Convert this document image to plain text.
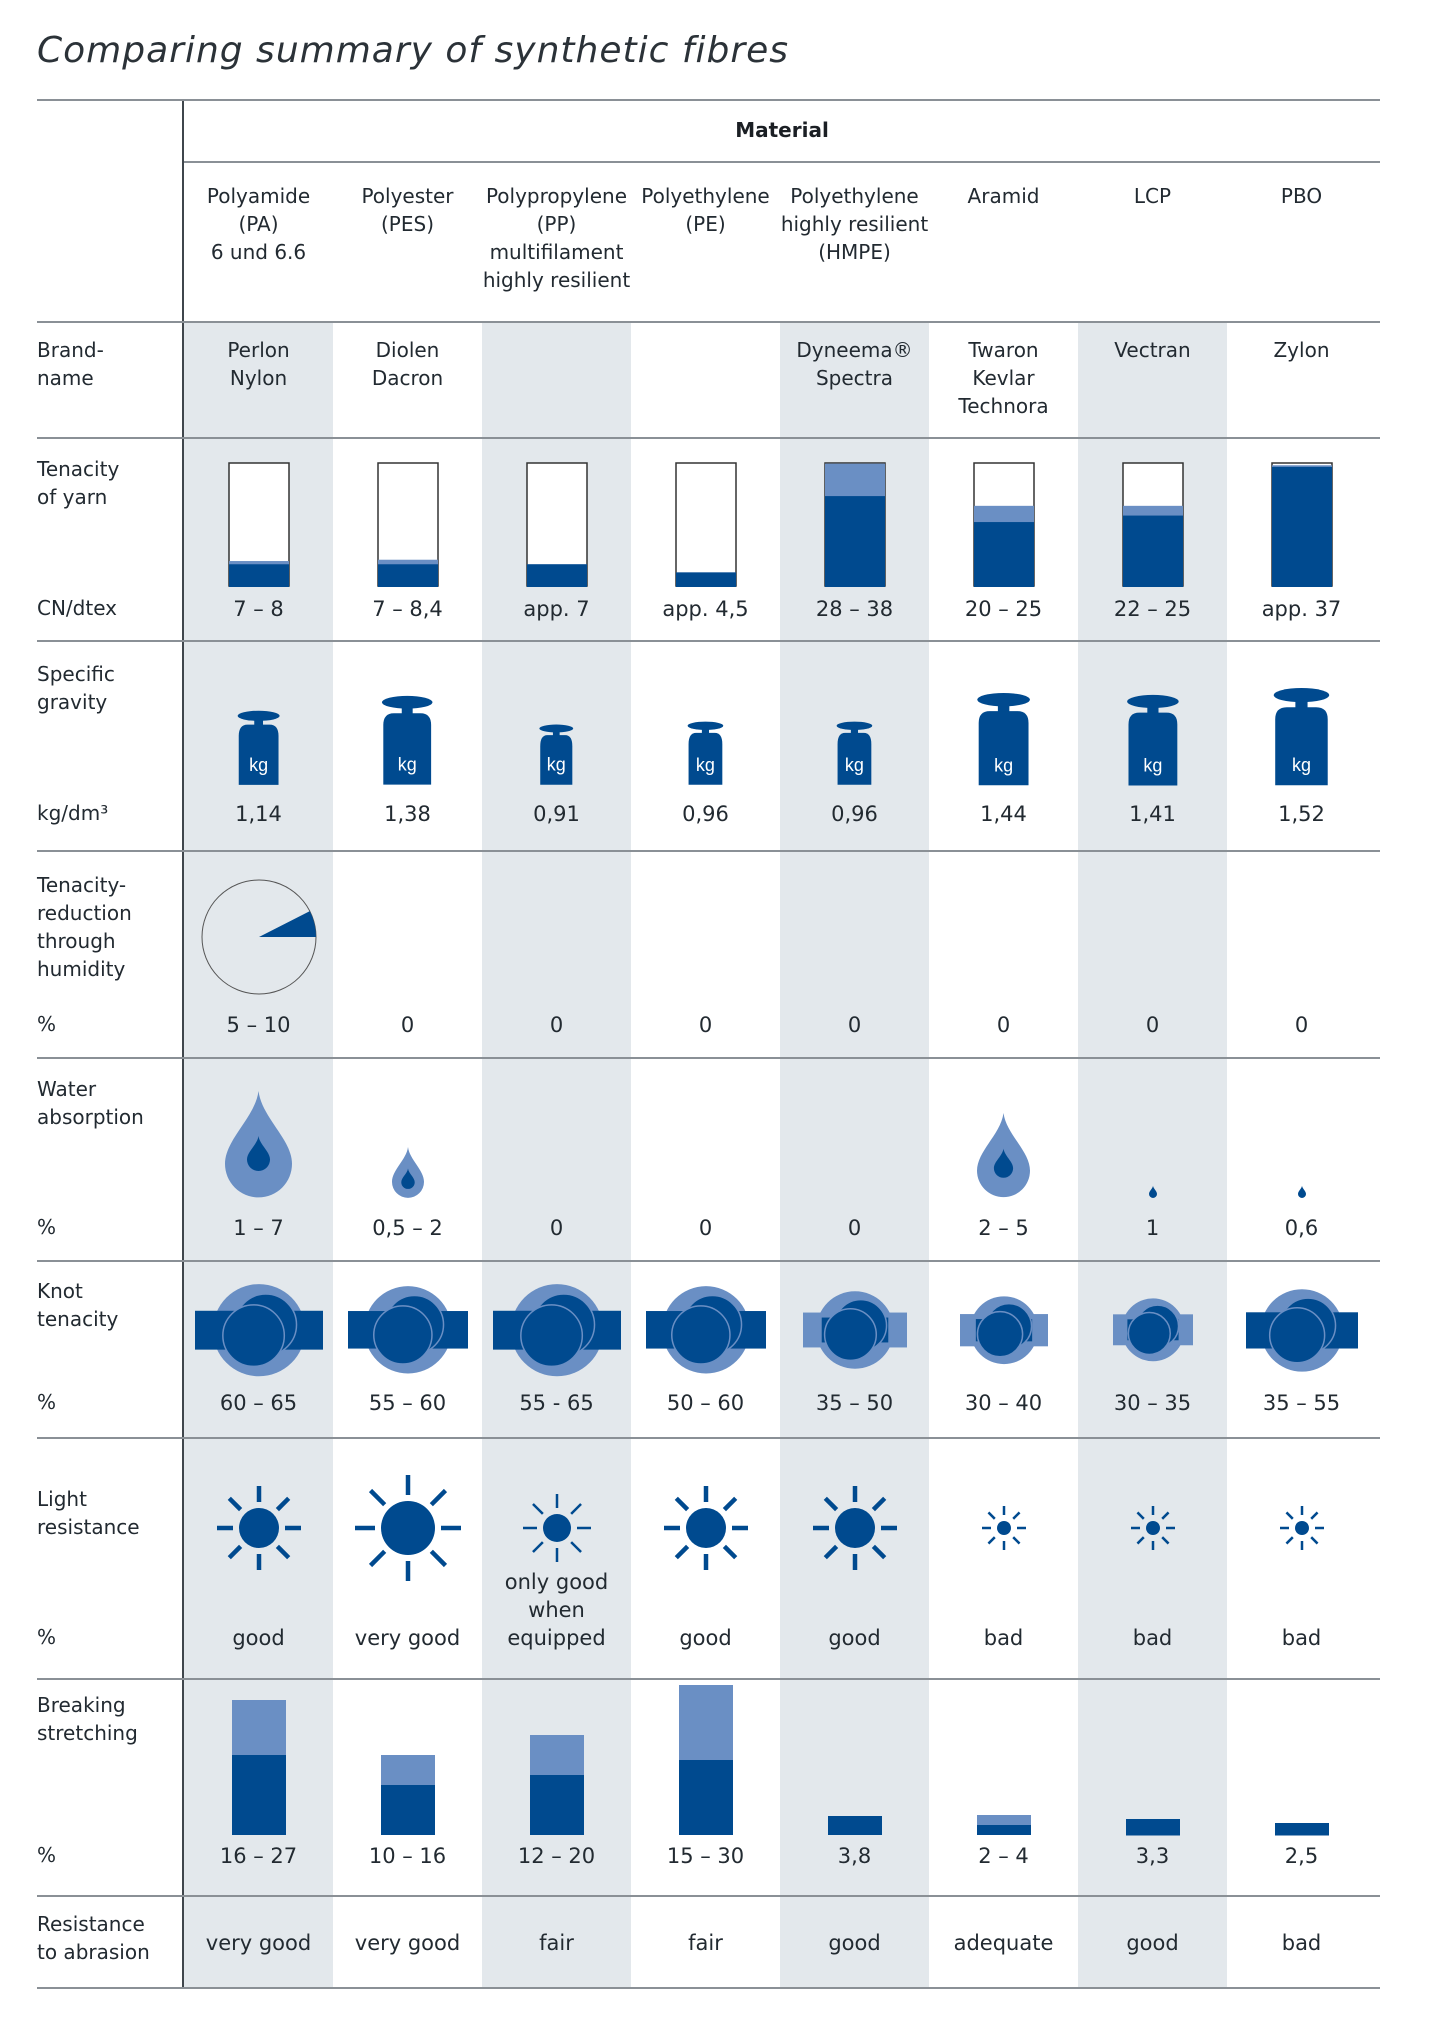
Comparing summary of synthetic fibres
Material
Brand-
name
Tenacity
of yarn
CN/dtex
Specific
gravity
kg/dm³
Tenacity-
reduction
through
humidity
%
Water
absorption
%
Knot
tenacity
%
Light
resistance
%
Breaking
stretching
%
Resistance
to abrasion
Polyamide
(PA)
6 und 6.6
Perlon
Nylon
7 – 8
kg
1,14
5 – 10
1 – 7
60 – 65
good
16 – 27
very good
Polyester
(PES)
Diolen
Dacron
7 – 8,4
kg
1,38
0
0,5 – 2
55 – 60
very good
10 – 16
very good
Polypropylene
(PP)
multifilament
highly resilient
app. 7
kg
0,91
0
0
55 - 65
only good
when
equipped
12 – 20
fair
Polyethylene
(PE)
app. 4,5
kg
0,96
0
0
50 – 60
good
15 – 30
fair
Polyethylene
highly resilient
(HMPE)
Dyneema®
Spectra
28 – 38
kg
0,96
0
0
35 – 50
good
3,8
good
Aramid
Twaron
Kevlar
Technora
20 – 25
kg
1,44
0
2 – 5
30 – 40
bad
2 – 4
adequate
LCP
Vectran
22 – 25
kg
1,41
0
1
30 – 35
bad
3,3
good
PBO
Zylon
app. 37
kg
1,52
0
0,6
35 – 55
bad
2,5
bad
